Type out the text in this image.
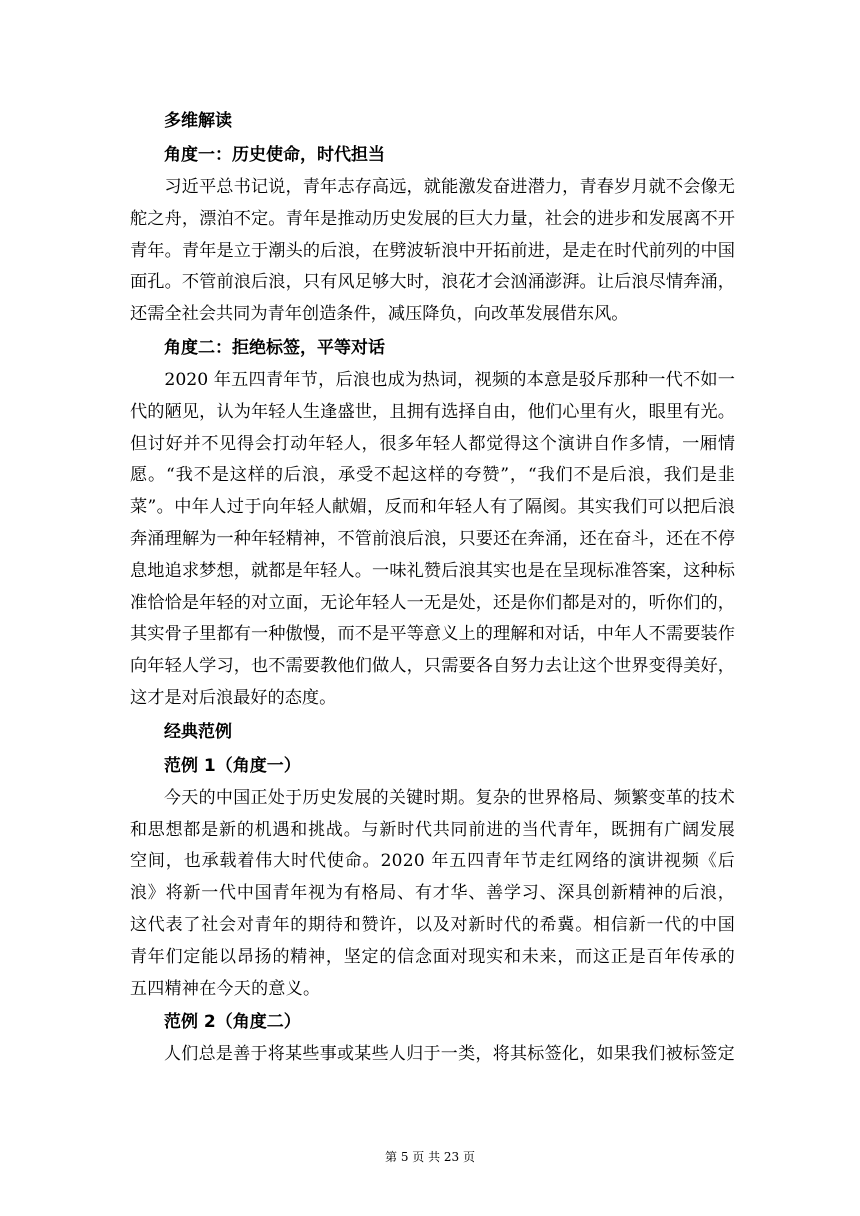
多维解读
角度一：历史使命，时代担当

习近平总书记说，青年志存高远，就能激发奋进潜力，青春岁月就不会像无舵之舟，漂泊不定。青年是推动历史发展的巨大力量，社会的进步和发展离不开青年。青年是立于潮头的后浪，在劈波斩浪中开拓前进，是走在时代前列的中国面孔。不管前浪后浪，只有风足够大时，浪花才会汹涌澎湃。让后浪尽情奔涌，还需全社会共同为青年创造条件，减压降负，向改革发展借东风。

角度二：拒绝标签，平等对话

2020 年五四青年节，后浪也成为热词，视频的本意是驳斥那种一代不如一代的陋见，认为年轻人生逢盛世，且拥有选择自由，他们心里有火，眼里有光。但讨好并不见得会打动年轻人，很多年轻人都觉得这个演讲自作多情，一厢情愿。“我不是这样的后浪，承受不起这样的夸赞”，“我们不是后浪，我们是韭菜”。中年人过于向年轻人献媚，反而和年轻人有了隔阂。其实我们可以把后浪奔涌理解为一种年轻精神，不管前浪后浪，只要还在奔涌，还在奋斗，还在不停息地追求梦想，就都是年轻人。一味礼赞后浪其实也是在呈现标准答案，这种标准恰恰是年轻的对立面，无论年轻人一无是处，还是你们都是对的，听你们的，其实骨子里都有一种傲慢，而不是平等意义上的理解和对话，中年人不需要装作向年轻人学习，也不需要教他们做人，只需要各自努力去让这个世界变得美好，这才是对后浪最好的态度。

经典范例
范例 1（角度一）

今天的中国正处于历史发展的关键时期。复杂的世界格局、频繁变革的技术和思想都是新的机遇和挑战。与新时代共同前进的当代青年，既拥有广阔发展空间，也承载着伟大时代使命。2020 年五四青年节走红网络的演讲视频《后浪》将新一代中国青年视为有格局、有才华、善学习、深具创新精神的后浪，这代表了社会对青年的期待和赞许，以及对新时代的希冀。相信新一代的中国青年们定能以昂扬的精神，坚定的信念面对现实和未来，而这正是百年传承的五四精神在今天的意义。

范例 2（角度二）

人们总是善于将某些事或某些人归于一类，将其标签化，如果我们被标签定

第 5 页 共 23 页
